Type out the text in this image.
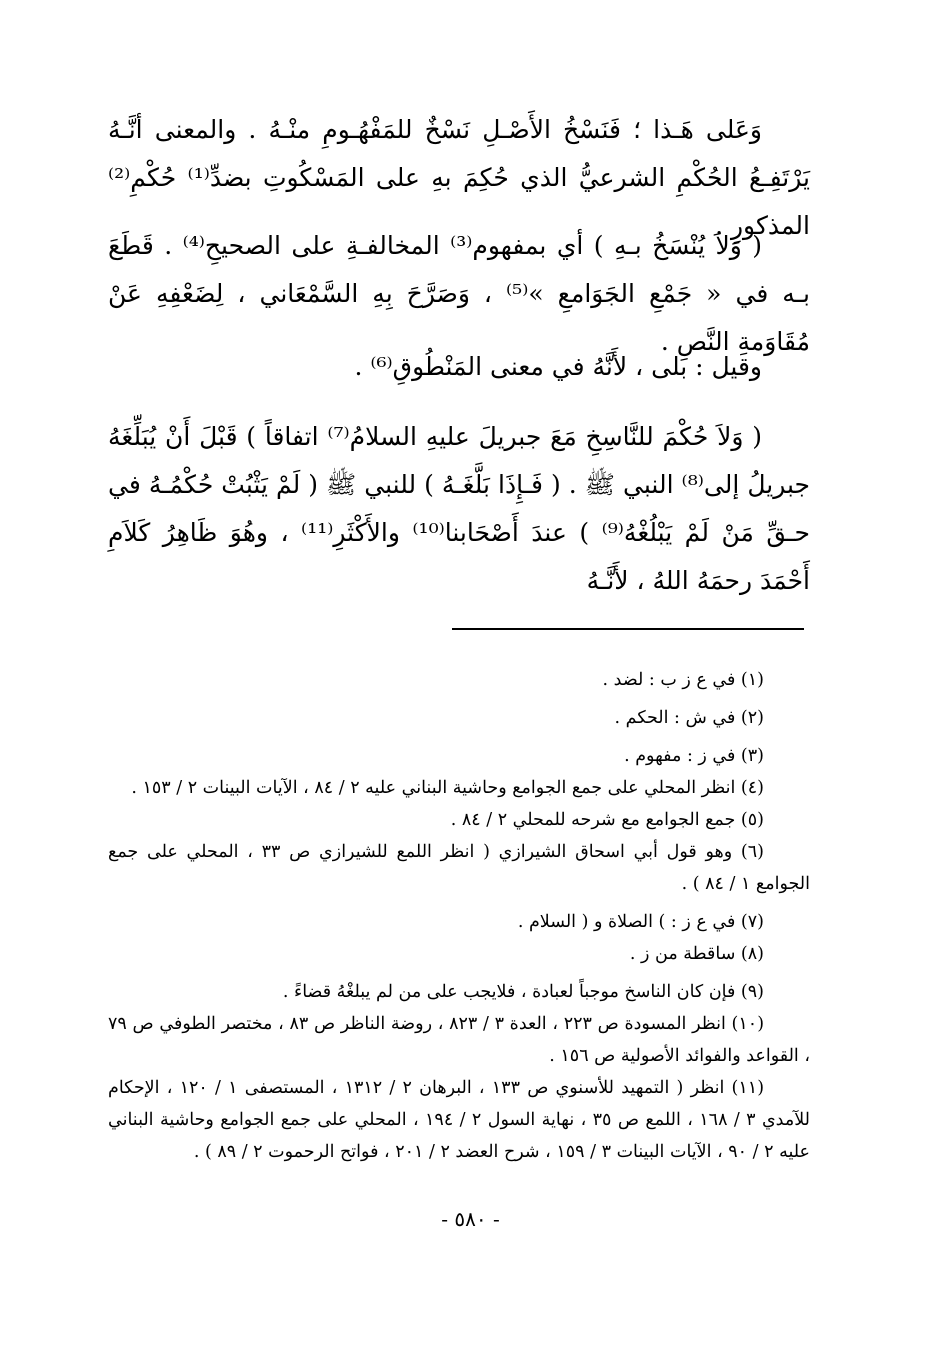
وَعَلى هَـذا ؛ فَنَسْخُ الأَصْـلِ نَسْخٌ للمَفْهُـومِ منْـهُ . والمعنى أنَّـهُ يَرْتَفِـعُ الحُكْمِ الشرعيُّ الذي حُكِمَ بهِ على المَسْكُوتِ بضدِّ⁽¹⁾ حُكْمِ⁽²⁾ المذكورِ .

( وَلاَ يُنْسَخُ بـهِ ) أي بمفهوم⁽³⁾ المخالفـةِ على الصحيحِ⁽⁴⁾ . قَطَعَ بـه في « جَمْعِ الجَوَامعِ »⁽⁵⁾ ، وَصَرَّحَ بِهِ السَّمْعَاني ، لِضَعْفِهِ عَنْ مُقَاوَمةِ النَّصِ .

وقيل : بلى ، لأَنَّهُ في معنى المَنْطُوقِ⁽⁶⁾ .

( وَلاَ حُكْمَ للنَّاسِخِ مَعَ جبريلَ عليهِ السلامُ⁽⁷⁾ اتفاقاً ) قَبْلَ أَنْ يُبَلِّغَهُ جبريلُ إلى⁽⁸⁾ النبي ﷺ . ( فَـإِذَا بَلَّغَـهُ ) للنبي ﷺ ( لَمْ يَثْبُتْ حُكْمُـهُ في حـقِّ مَنْ لَمْ يَبْلُغْهُ⁽⁹⁾ ) عندَ أَصْحَابنا⁽¹⁰⁾ والأَكْثَرِ⁽¹¹⁾ ، وهُوَ ظَاهِرُ كَلاَمِ أَحْمَدَ رحمَهُ اللهُ ، لأَنَّـهُ

(١) في ع ز ب : لضد .

(٢) في ش : الحكم .

(٣) في ز : مفهوم .

(٤) انظر المحلي على جمع الجوامع وحاشية البناني عليه ٢ / ٨٤ ، الآيات البينات ٢ / ١٥٣ .

(٥) جمع الجوامع مع شرحه للمحلي ٢ / ٨٤ .

(٦) وهو قول أبي اسحاق الشيرازي ( انظر اللمع للشيرازي ص ٣٣ ، المحلي على جمع الجوامع ١ / ٨٤ ) .

(٧) في ع ز : ) الصلاة و ( السلام .

(٨) ساقطة من ز .

(٩) فإن كان الناسخ موجباً لعبادة ، فلايجب على من لم يبلغْهُ قضاءً .

(١٠) انظر المسودة ص ٢٢٣ ، العدة ٣ / ٨٢٣ ، روضة الناظر ص ٨٣ ، مختصر الطوفي ص ٧٩ ، القواعد والفوائد الأصولية ص ١٥٦ .

(١١) انظر ( التمهيد للأسنوي ص ١٣٣ ، البرهان ٢ / ١٣١٢ ، المستصفى ١ / ١٢٠ ، الإحكام للآمدي ٣ / ١٦٨ ، اللمع ص ٣٥ ، نهاية السول ٢ / ١٩٤ ، المحلي على جمع الجوامع وحاشية البناني عليه ٢ / ٩٠ ، الآيات البينات ٣ / ١٥٩ ، شرح العضد ٢ / ٢٠١ ، فواتح الرحموت ٢ / ٨٩ ) .

- ٥٨٠ -
